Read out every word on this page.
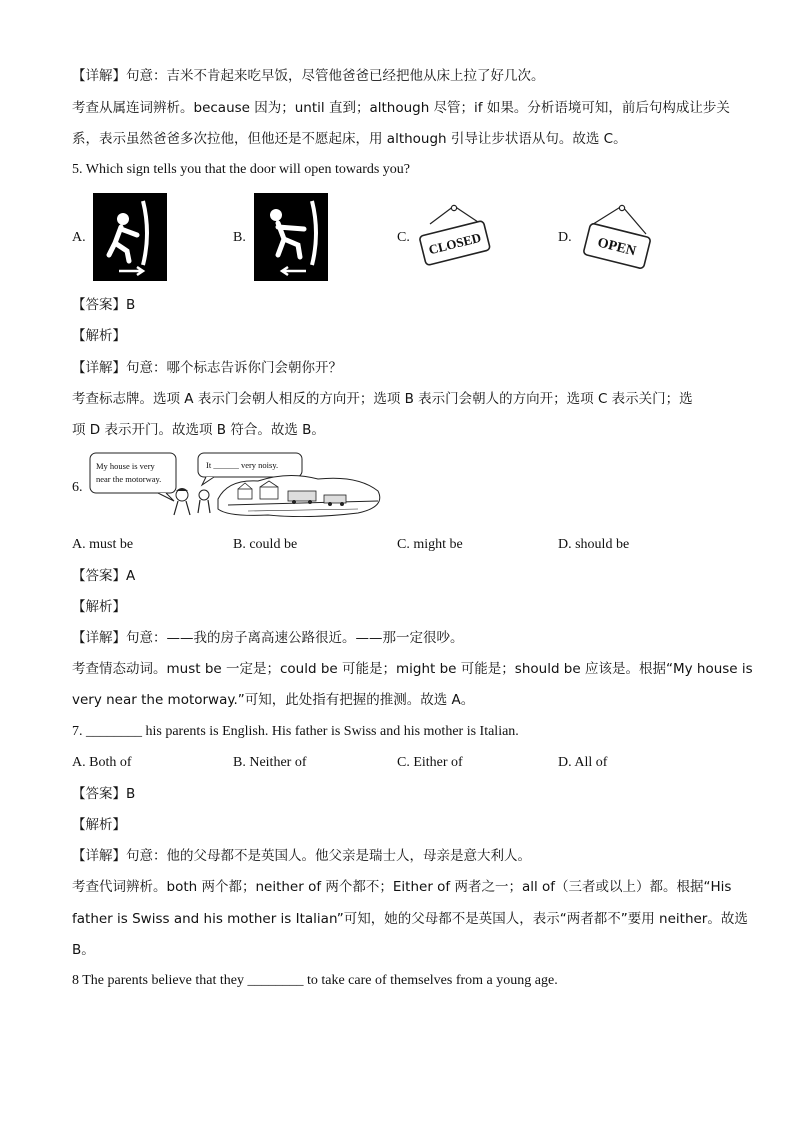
【详解】句意：吉米不肯起来吃早饭，尽管他爸爸已经把他从床上拉了好几次。
考查从属连词辨析。because 因为；until 直到；although 尽管；if 如果。分析语境可知，前后句构成让步关
系，表示虽然爸爸多次拉他，但他还是不愿起床，用 although 引导让步状语从句。故选 C。
5. Which sign tells you that the door will open towards you?
A.	B.	C. CLOSED	D. OPEN
【答案】B
【解析】
【详解】句意：哪个标志告诉你门会朝你开？
考查标志牌。选项 A 表示门会朝人相反的方向开；选项 B 表示门会朝人的方向开；选项 C 表示关门；选
项 D 表示开门。故选项 B 符合。故选 B。
6.
My house is very
near the motorway.
It ______ very noisy.
A. must be	B. could be	C. might be	D. should be
【答案】A
【解析】
【详解】句意：——我的房子离高速公路很近。——那一定很吵。
考查情态动词。must be 一定是；could be 可能是；might be 可能是；should be 应该是。根据“My house is
very near the motorway.”可知，此处指有把握的推测。故选 A。
7. ________ his parents is English. His father is Swiss and his mother is Italian.
A. Both of	B. Neither of	C. Either of	D. All of
【答案】B
【解析】
【详解】句意：他的父母都不是英国人。他父亲是瑞士人，母亲是意大利人。
考查代词辨析。both 两个都；neither of 两个都不；Either of 两者之一；all of（三者或以上）都。根据“His
father is Swiss and his mother is Italian”可知，她的父母都不是英国人，表示“两者都不”要用 neither。故选
B。
8 The parents believe that they ________ to take care of themselves from a young age.
